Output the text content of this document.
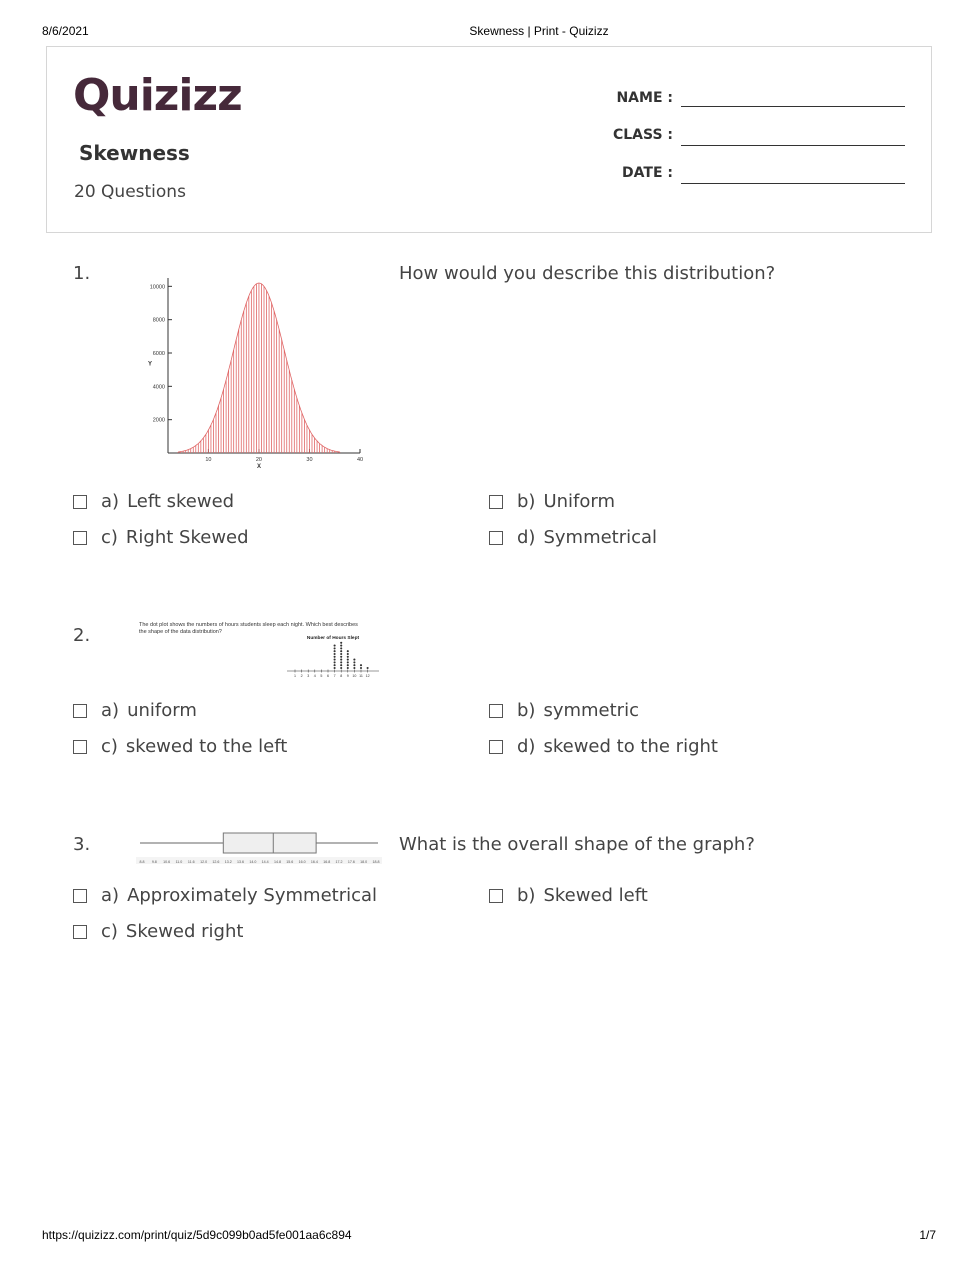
8/6/2021	Skewness | Print - Quizizz
Quizizz
Skewness
20 Questions
NAME :
CLASS :
DATE :
1.
2000
4000
6000
8000
10000
10	20	30	40
X
Y
How would you describe this distribution?
a) Left skewed	b) Uniform
c) Right Skewed	d) Symmetrical
2.	The dot plot shows the numbers of hours students sleep each night. Which best describes
the shape of the data distribution?
Number of Hours Slept
1 2 3 4 5 6 7 8 9 10 11 12
a) uniform	b) symmetric
c) skewed to the left	d) skewed to the right
3.
8.8 9.8 10.6 11.0 11.6 12.0 12.6 13.2 13.6 14.0 14.4 14.8 15.6 16.0 16.4 16.8 17.2 17.6 18.0 18.8
What is the overall shape of the graph?
a) Approximately Symmetrical	b) Skewed left
c) Skewed right
https://quizizz.com/print/quiz/5d9c099b0ad5fe001aa6c894	1/7
